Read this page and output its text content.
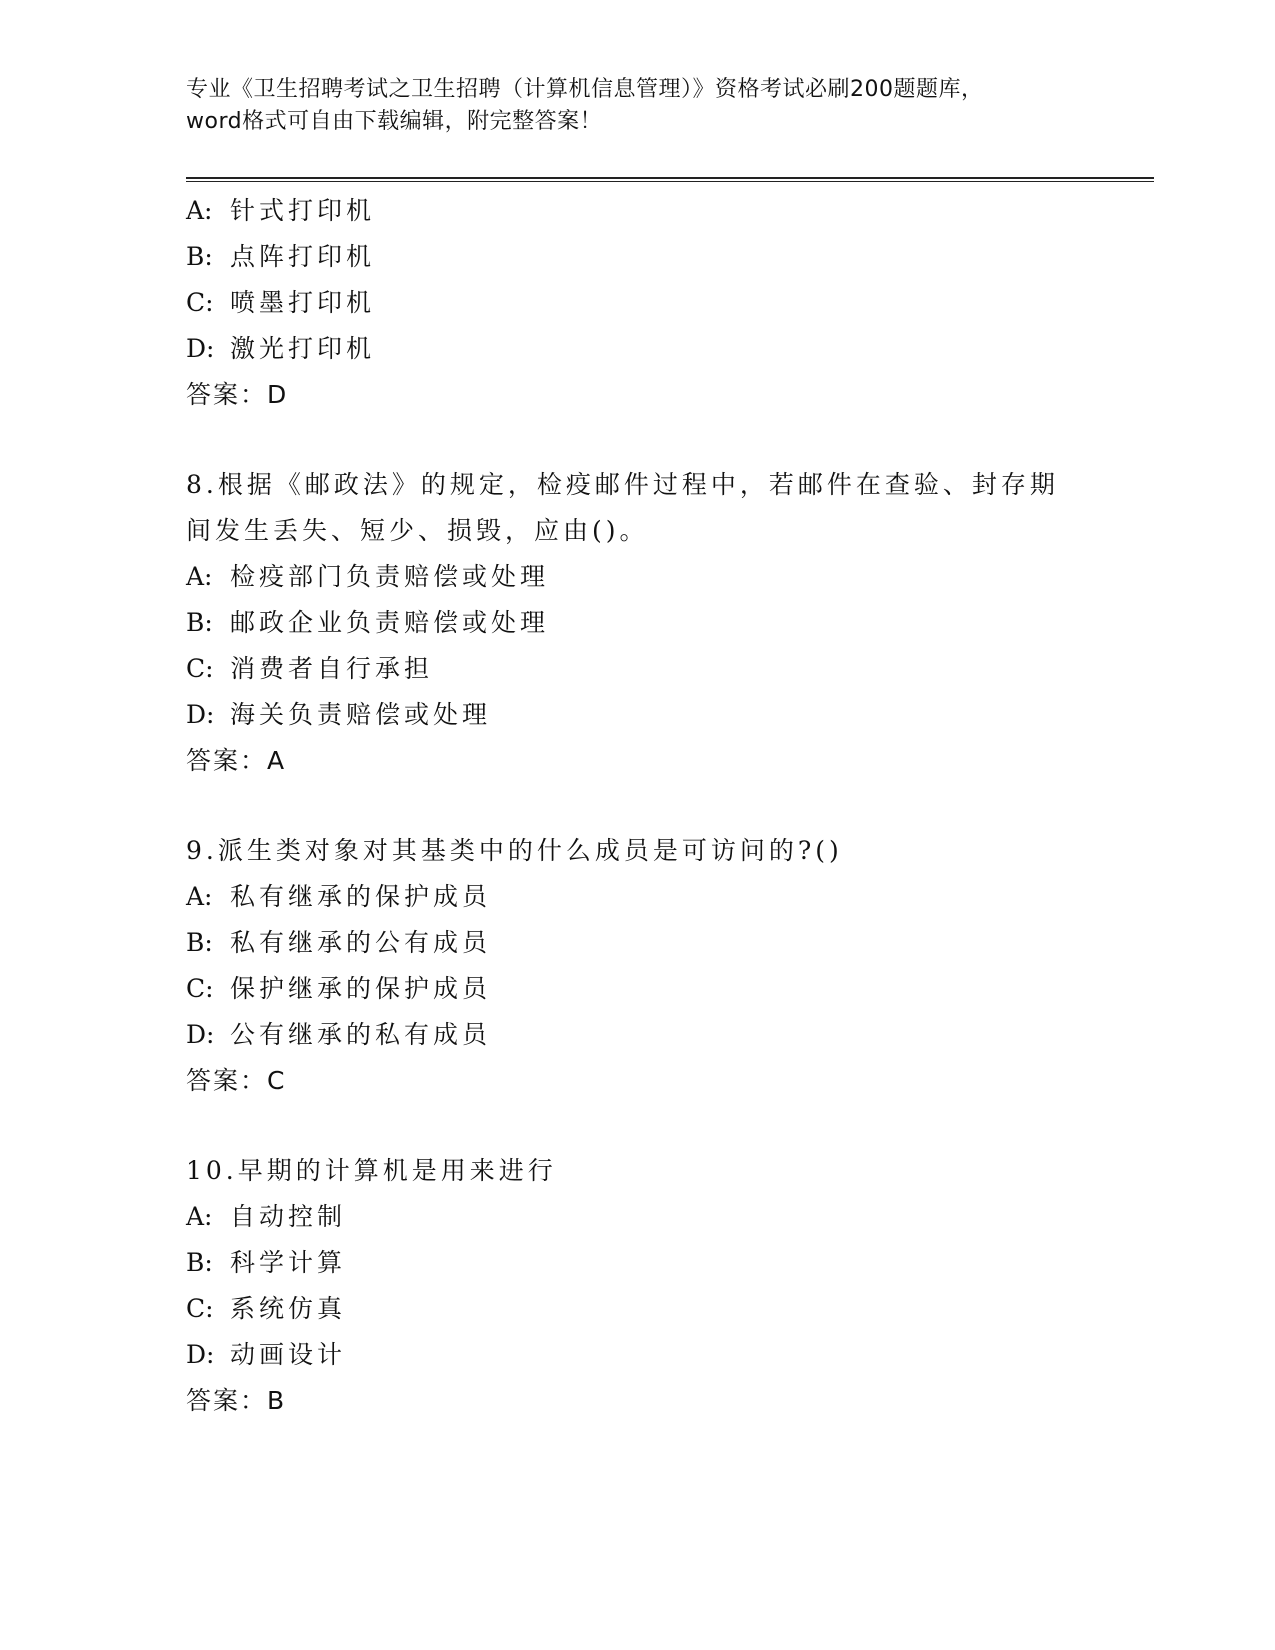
专业《卫生招聘考试之卫生招聘（计算机信息管理）》资格考试必刷200题题库，
word格式可自由下载编辑，附完整答案！
A: 针式打印机
B: 点阵打印机
C: 喷墨打印机
D: 激光打印机
答案：D
8.根据《邮政法》的规定，检疫邮件过程中，若邮件在查验、封存期
间发生丢失、短少、损毁，应由()。
A: 检疫部门负责赔偿或处理
B: 邮政企业负责赔偿或处理
C: 消费者自行承担
D: 海关负责赔偿或处理
答案：A
9.派生类对象对其基类中的什么成员是可访问的?()
A: 私有继承的保护成员
B: 私有继承的公有成员
C: 保护继承的保护成员
D: 公有继承的私有成员
答案：C
10.早期的计算机是用来进行
A: 自动控制
B: 科学计算
C: 系统仿真
D: 动画设计
答案：B
